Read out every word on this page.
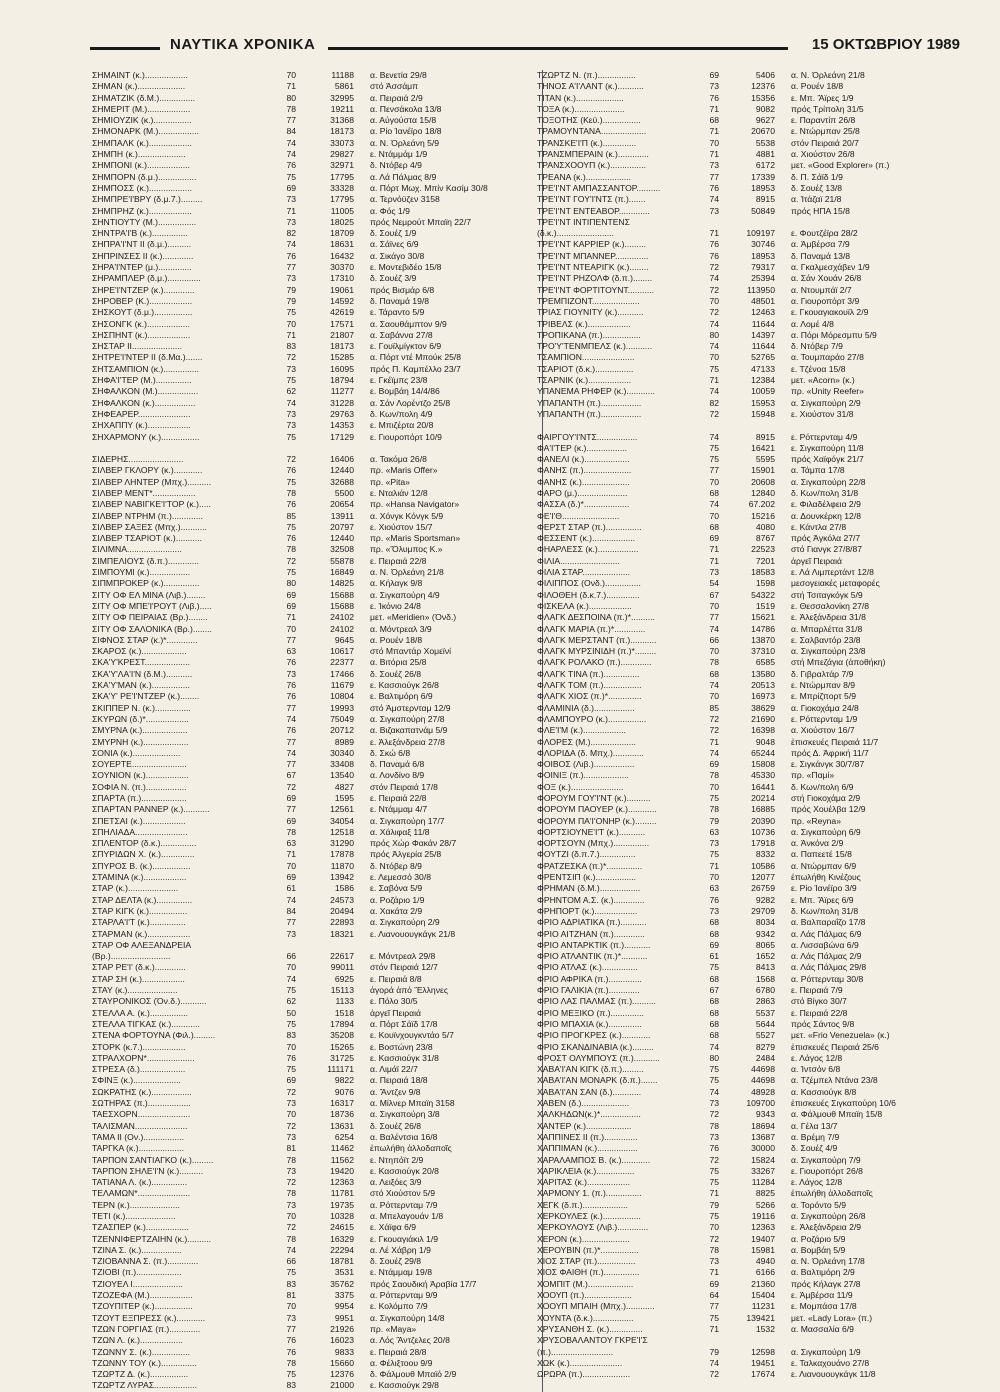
ΝΑΥΤΙΚΑ ΧΡΟΝΙΚΑ	15 ΟΚΤΩΒΡΙΟΥ 1989
ΣΗΜΑΙΝΤ (κ.)..................	70	11188	α. Βενετία 29/8
ΣΗΜΑΝ (κ.)....................	71	5861	στό Ἀσσάμπ
ΣΗΜΑΤΖΙΚ (δ.Μ.)...............	80	32995	α. Πειραιά 2/9
ΣΗΜΕΡΙΤ (Μ.)..................	78	19211	α. Πενσάκολα 13/8
ΣΗΜΙΟΥΖΙΚ (κ.)................	77	31368	α. Αὐγούστα 15/8
ΣΗΜΟΝΑΡΚ (Μ.).................	84	18173	α. Ρίο Ἰανέϊρο 18/8
ΣΗΜΠΑΛΚ (κ.)..................	74	33073	α. Ν. Ὀρλεάνη 5/9
ΣΗΜΠΗ (κ.)....................	74	29827	ε. Ντάμμάμ 1/9
ΣΗΜΠΟΝΙ (κ.)..................	76	32971	δ. Ντόβερ 4/9
ΣΗΜΠΟΡΝ (δ.μ.)................	75	17795	α. Λά Πάλμας 8/9
ΣΗΜΠΟΣΣ (κ.)..................	69	33328	α. Πόρτ Μωχ. Μπίν Κασίμ 30/8
ΣΗΜΠΡΕ'Ι'ΒΡΥ (δ.μ.7.).........	73	17795	α. Τερνόϋζεν 3158
ΣΗΜΠΡΗΖ (κ.)..................	71	11005	α. Φός 1/9
ΣΗΝΤΙΟΥΤΥ (Μ.)................	73	18025	πρός Νεμρούτ Μπαϊη 22/7
ΣΗΝΤΡΑ'Ι'Β (κ.)...............	82	18709	δ. Σουέζ 1/9
ΣΗΠΡΑ'Ι'ΝΤ ΙΙ (δ.μ.)..........	74	18631	α. Σάϊνες 6/9
ΣΗΠΡΙΝΣΕΣ ΙΙ (κ.).............	76	16432	α. Σικάγο 30/8
ΣΗΡΑ'Ι'ΝΤΕΡ (μ.)..............	77	30370	ε. Μοντεβιδέο 15/8
ΣΗΡΑΜΠΛΕΡ (δ.μ.)..............	73	17310	δ. Σουέζ 3/9
ΣΗΡΕ'Ι'ΝΤΖΕΡ (κ.).............	79	19061	πρός Βισμάρ 6/8
ΣΗΡΟΒΕΡ (Κ.)..................	79	14592	δ. Παναμά 19/8
ΣΗΣΚΟΥΤ (δ.μ.)................	75	42619	ε. Τάραντο 5/9
ΣΗΣΟΝΓΚ (κ.)..................	70	17571	α. Σαουθάμπτον 9/9
ΣΗΣΠΗΝΤ (κ.)..................	71	21807	α. Σαβάννα 27/8
ΣΗΣΤΑΡ ΙΙ.....................	83	18173	ε. Γουϊλμίγκτον 6/9
ΣΗΤΡΕ'Ι'ΝΤΕΡ ΙΙ (δ.Μα.).......	72	15285	α. Πόρτ ντέ Μπούκ 25/8
ΣΗΤΣΑΜΠΙΟΝ (κ.)...............	73	16095	πρός Π. Καμπέλλο 23/7
ΣΗΦΑ'Ι'ΤΕΡ (Μ.)...............	75	18794	ε. Γκέϊμπς 23/8
ΣΗΦΑΛΚΟΝ (Μ.).................	62	11277	ε. Βομβάη 14/4/86
ΣΗΦΑΛΚΟΝ (κ.).................	74	31228	α. Σάν Λορέντζο 25/8
ΣΗΦΕΑΡΕΡ......................	73	29763	δ. Κων/πολη 4/9
ΣΗΧΑΠΠΥ (κ.)..................	73	14353	ε. Μπιζέρτα 20/8
ΣΗΧΑΡΜΟΝΥ (κ.)................	75	17129	ε. Γιουροπόρτ 10/9
ΣΙΔΕΡΗΣ.......................	72	16406	α. Τακόμα 26/8
ΣΙΛΒΕΡ ΓΚΛΟΡΥ (κ.)............	76	12440	πρ. «Maris Offer»
ΣΙΛΒΕΡ ΛΗΝΤΕΡ (Μπχ.)..........	75	32688	πρ. «Pita»
ΣΙΛΒΕΡ ΜΕΝΤ*..................	78	5500	ε. Νταλιάν 12/8
ΣΙΛΒΕΡ ΝΑΒΙΓΚΕ'Ι'ΤΟΡ (κ.).....	76	20654	πρ. «Hansa Navigator»
ΣΙΛΒΕΡ ΝΤΡΗΜ (π.).............	85	13911	α. Χόνγκ Κόνγκ 5/9
ΣΙΛΒΕΡ ΣΑΞΕΣ (Μπχ.)...........	75	20797	ε. Χιούστον 15/7
ΣΙΛΒΕΡ ΤΣΑΡΙΟΤ (κ.)...........	76	12440	πρ. «Maris Sportsman»
ΣΙΛΙΜΝΑ.......................	78	32508	πρ. «Ὄλυμπος Κ.»
ΣΙΜΠΕΛΙΟΥΣ (δ.π.).............	72	55878	ε. Πειραιά 22/8
ΣΙΜΠΟΥΜΙ (κ.).................	75	16849	α. Ν. Ὀρλεάνη 21/8
ΣΙΠΜΠΡΟΚΕΡ (κ.)...............	80	14825	α. Κήλαγκ 9/8
ΣΙΤΥ ΟΦ ΕΛ ΜΙΝΑ (Λιβ.)........	69	15688	α. Σιγκαπούρη 4/9
ΣΙΤΥ ΟΦ ΜΠΕ'Ι'ΡΟΥΤ (Λιβ.).....	69	15688	ε. Ἰκόνιο 24/8
ΣΙΤΥ ΟΦ ΠΕΙΡΑΙΑΣ (Βρ.)........	71	24102	μετ. «Meridien» (Ὀνδ.)
ΣΙΤΥ ΟΦ ΣΑΛΟΝΙΚΑ (Βρ.)........	70	24102	α. Μόντρεαλ 3/9
ΣΙΦΝΟΣ ΣΤΑΡ (κ.)*.............	77	9645	α. Ρουέν 18/8
ΣΚΑΡΟΣ (κ.)...................	63	10617	στό Μπαντάρ Χομεϊνί
ΣΚΑ'Υ'ΚΡΕΣΤ...................	76	22377	α. Βιτόρια 25/8
ΣΚΑ'Υ'ΛΑ'Ι'Ν (δ.Μ.)...........	73	17466	δ. Σουέζ 26/8
ΣΚΑ'Υ'ΜΑΝ (κ.)................	76	11679	ε. Κασσιούγκ 26/8
ΣΚΑ'Υ' ΡΕ'Ι'ΝΤΖΕΡ (κ.)........	76	10804	ε. Βαλτιμόρη 6/9
ΣΚΙΠΠΕΡ Ν. (κ.)...............	77	19993	στό Ἀμστερνταμ 12/9
ΣΚΥΡΩΝ (δ.)*..................	74	75049	α. Σιγκαπούρη 27/8
ΣΜΥΡΝΑ (κ.)...................	76	20712	α. Βιζακαπατνάμ 5/9
ΣΜΥΡΝΗ (κ.)...................	77	8989	ε. Ἀλεξάνδρεια 27/8
ΣΟΝΙΑ (κ.)....................	74	30340	δ. Σκώ 6/8
ΣΟΥΕΡΤΕ.......................	77	33408	δ. Παναμά 6/8
ΣΟΥΝΙΟΝ (κ.)..................	67	13540	α. Λονδίνο 8/9
ΣΟΦΙΑ Ν. (π.).................	72	4827	στόν Πειραιά 17/8
ΣΠΑΡΤΑ (π.)...................	69	1595	ε. Πειραιά 22/8
ΣΠΑΡΤΑΝ ΡΑΝΝΕΡ (κ.)...........	77	12561	ε. Ντάμμαμ 4/7
ΣΠΕΤΣΑΙ (κ.)..................	69	34054	α. Σιγκαπούρη 17/7
ΣΠΗΛΙΑΔΑ......................	78	12518	α. Χάλιφαξ 11/8
ΣΠΛΕΝΤΟΡ (δ.κ.)...............	63	31290	πρός Χώρ Φακάν 28/7
ΣΠΥΡΙΔΩΝ Χ. (κ.)..............	71	17878	πρός Ἀλγερία 25/8
ΣΠΥΡΟΣ Β. (κ.)................	70	11870	δ. Ντόβερ 8/9
ΣΤΑΜΙΝΑ (κ.)..................	69	13942	ε. Λεμεσσό 30/8
ΣΤΑΡ (κ.).....................	61	1586	ε. Σαβόνα 5/9
ΣΤΑΡ ΔΕΛΤΑ (κ.)...............	74	24573	α. Ροζάριο 1/9
ΣΤΑΡ ΚΙΓΚ (κ.)................	84	20494	α. Χακάτα 2/9
ΣΤΑΡΛΑ'Ι'Τ (κ.)...............	77	22893	α. Σιγκαπούρη 2/9
ΣΤΑΡΜΑΝ (κ.)..................	73	18321	ε. Λιανουουγκάγκ 21/8
ΣΤΑΡ ΟΦ ΑΛΕΞΑΝΔΡΕΙΑ
(Βρ.).........................	66	22617	ε. Μόντρεαλ 29/8
ΣΤΑΡ ΡΕ'Ι' (δ.κ.).............	70	99011	στόν Πειραιά 12/7
ΣΤΑΡ ΣΗ (κ.)..................	74	6925	ε. Πειραιά 8/8
ΣΤΑΥ (κ.).....................	75	15113	ἀγορά ἀπό Ἕλληνες
ΣΤΑΥΡΟΝΙΚΟΣ (Ὀν.δ.)...........	62	1133	ε. Πόλο 30/5
ΣΤΕΛΛΑ Α. (κ.)................	50	1518	ἀργεῖ Πειραιά
ΣΤΕΛΛΑ ΤΙΓΚΑΣ (κ.)............	75	17894	α. Πόρτ Σάϊδ 17/8
ΣΤΕΝΑ ΦΟΡΤΟΥΝΑ (Φιλ.).........	83	35208	ε. Κουϊνχουγκντάο 5/7
ΣΤΟΡΚ (κ.7.)..................	70	15265	ε. Βοστώνη 23/8
ΣΤΡΑΛΧΟΡΝ*....................	76	31725	ε. Κασσιούγκ 31/8
ΣΤΡΕΣΑ (δ.)...................	75	111171	α. Λιμάϊ 22/7
ΣΦΙΝΞ (κ.)....................	69	9822	α. Πειραιά 18/8
ΣΩΚΡΑΤΗΣ (κ.).................	72	9076	α. Ἄντζεν 9/8
ΣΩΤΗΡΑΣ (π.)..................	73	16317	α. Μίλνερ Μπαϊη 3158
ΤΑΕΣΧΟΡΝ......................	70	18736	α. Σιγκαπούρη 3/8
ΤΑΛΙΣΜΑΝ......................	72	13631	δ. Σουέζ 26/8
ΤΑΜΑ ΙΙ (Ον.).................	73	6254	α. Βαλέντσια 16/8
ΤΑΡΓΚΑ (κ.)...................	81	11462	ἐπωλήθη ἀλλοδαποῖς
ΤΑΡΠΟΝ ΣΑΝΤΙΑΓΚΟ (κ.).........	78	11562	ε. Ντηπόϊτ 2/9
ΤΑΡΠΟΝ ΣΗΛΕ'Ι'Ν (κ.)..........	73	19420	ε. Κασσιούγκ 20/8
ΤΑΤΙΑΝΑ Λ. (κ.)...............	72	12363	α. Λειξόες 3/9
ΤΕΛΑΜΩΝ*......................	78	11781	στό Χιούστον 5/9
ΤΕΡΝ (κ.).....................	73	19735	α. Ρόττερνταμ 7/9
ΤΕΤΙ (κ.).....................	70	10328	α. Μπελαγουάν 1/8
ΤΖΑΣΠΕΡ (κ.)..................	72	24615	ε. Χάϊφα 6/9
ΤΖΕΝΝΙΦΕΡΤΖΑΙΗΝ (κ.)..........	78	16329	ε. Γκουαγιάκιλ 1/9
ΤΖΙΝΑ Σ. (κ.).................	74	22294	α. Λέ Χάβρη 1/9
ΤΖΙΟΒΑΝΝΑ Σ. (π.).............	66	18781	δ. Σουέζ 29/8
ΤΖΙΟΒΙ (π.)...................	75	3531	ε. Ντάμμαμ 19/8
ΤΖΙΟΥΕΛ Ι.....................	83	35762	πρός Σαουδική Ἀραβία 17/7
ΤΖΟΖΕΦΑ (Μ.)..................	81	3375	α. Ρόττερνταμ 9/9
ΤΖΟΥΠΙΤΕΡ (κ.)................	70	9954	ε. Κολόμπο 7/9
ΤΖΟΥΤ ΕΞΠΡΕΣΣ (κ.)............	73	9951	α. Σιγκαπούρη 14/8
ΤΖΩΝ ΓΟΡΓΙΑΣ (π.).............	77	21926	πρ. «Maya»
ΤΖΩΝ Λ. (κ.)..................	76	16023	α. Λός Ἄντζελες 20/8
ΤΖΩΝΝΥ Σ. (κ.)................	76	9833	ε. Πειραιά 28/8
ΤΖΩΝΝΥ ΤΟΥ (κ.)...............	78	15660	α. Φέλιξτοου 9/9
ΤΖΩΡΤΖ Δ. (κ.)................	75	12376	δ. Φάλμουθ Μπαϊό 2/9
ΤΖΩΡΤΖ ΛΥΡΑΣ..................	83	21000	ε. Κασσιούγκ 29/8
ΤΖΩΡΤΖ Ν. (π.)................	69	5406	α. Ν. Ὀρλεάνη 21/8
ΤΗΝΟΣ Α'Ι'ΛΑΝΤ (κ.)...........	73	12376	α. Ρουέν 18/8
ΤΙΤΑΝ (κ.)....................	76	15356	ε. Μπ. Ἄϊρες 1/9
ΤΟΞΑ (κ.).....................	71	9082	πρός Τρίπολη 31/5
ΤΟΞΟΤΗΣ (Κεϋ.)................	68	9627	ε. Παραντίπ 26/8
ΤΡΑΜΟΥΝΤΑΝΑ...................	71	20670	ε. Ντώρμπαν 25/8
ΤΡΑΝΣΚΕ'Ι'Π (κ.)..............	70	5538	στόν Πειραιά 20/7
ΤΡΑΝΣΜΠΕΡΑΙΝ (κ.).............	71	4881	α. Χιούστον 26/8
ΤΡΑΝΣΧΟΟΥΠ (κ.)...............	73	6172	μετ. «Good Explorer» (π.)
ΤΡΕΑΝΑ (κ.)...................	77	17339	δ. Π. Σάϊδ 1/9
ΤΡΕ'Ι'ΝΤ ΑΜΠΑΣΣΑΝΤΟΡ..........	76	18953	δ. Σουέζ 13/8
ΤΡΕ'Ι'ΝΤ ΓΟΥ'Ι'ΝΤΣ (π.).......	74	8915	α. Ἰτάζαϊ 21/8
ΤΡΕ'Ι'ΝΤ ΕΝΤΕΑΒΟΡ.............	73	50849	πρός ΗΠΑ 15/8
ΤΡΕ'Ι'ΝΤ ΙΝΤΙΠΕΝΤΕΝΣ
(δ.κ.)........................	71	109197	ε. Φουτζέϊρα 28/2
ΤΡΕ'Ι'ΝΤ ΚΑΡΡΙΕΡ (κ.).........	76	30746	α. Ἀμβέρσα 7/9
ΤΡΕ'Ι'ΝΤ ΜΠΑΝΝΕΡ..............	76	18953	δ. Παναμά 13/8
ΤΡΕ'Ι'ΝΤ ΝΤΕΑΡΙΓΚ (κ.)........	72	79317	α. Γκαλμεσχάβεν 1/9
ΤΡΕ'Ι'ΝΤ ΡΗΖΟΛΦ (δ.π.)........	74	25394	α. Σάν Χουάν 26/8
ΤΡΕ'Ι'ΝΤ ΦΟΡΤΙΤΟΥΝΤ...........	72	113950	α. Ντουμπάϊ 2/7
ΤΡΕΜΠΙΖΟΝΤ....................	70	48501	α. Γιουροπόρτ 3/9
ΤΡΙΑΣ ΓΙΟΥΝΙΤΥ (κ.)...........	72	12463	ε. Γκουαγιακουϊλ 2/9
ΤΡΙΒΕΛΣ (κ.)..................	74	11644	α. Λομέ 4/8
ΤΡΟΠΙΚΑΝΑ (π.)................	80	14397	α. Πόρι Μόρεσμπυ 5/9
ΤΡΟ'Υ'ΤΕΝΜΠΕΛΣ (κ.)...........	74	11644	δ. Ντόβερ 7/9
ΤΣΑΜΠΙΟΝ......................	70	52765	α. Τουμπαράο 27/8
ΤΣΑΡΙΟΤ (δ.κ.)................	75	47133	ε. Τζένοα 15/8
ΤΣΑΡΝΙΚ (κ.)..................	71	12384	μετ. «Αcorn» (κ.)
ΥΠΑΝΕΜΑ ΡΗΦΕΡ (κ.)............	74	10059	πρ. «Unity Reefer»
ΥΠΑΠΑΝΤΗ (π.).................	82	15953	α. Σιγκαπούρη 2/9
ΥΠΑΠΑΝΤΗ (π.).................	72	15948	ε. Χιούστον 31/8
ΦΑΙΡΓΟΥ'Ι'ΝΤΣ.................	74	8915	ε. Ρόττερνταμ 4/9
ΦΑ'Ι'ΤΕΡ (κ.).................	75	16421	ε. Σιγκαπούρη 11/8
ΦΑΝΕΛΙ (κ.)...................	75	5595	πρός Χαϊφόγκ 21/7
ΦΑΝΗΣ (π.)....................	77	15901	α. Τάμπα 17/8
ΦΑΝΗΣ (κ.)....................	70	20608	α. Σιγκαπούρη 22/8
ΦΑΡΟ (μ.).....................	68	12840	δ. Κων/πολη 31/8
ΦΑΣΣΑ (δ.)*...................	74	67.202	ε. Φιλαδέλφεια 2/9
ΦΕ'Ι'Θ........................	70	15216	α. Δουνκέρκη 12/8
ΦΕΡΣΤ ΣΤΑΡ (π.)...............	68	4080	ε. Κάντλα 27/8
ΦΕΣΣΕΝΤ (κ.)..................	69	8767	πρός Ἀγκόλα 27/7
ΦΗΑΡΛΕΣΣ (κ.).................	71	22523	στό Γιανγκ 27/8/87
ΦΙΛΙΑ.........................	71	7201	ἀργεῖ Πειραιά
ΦΙΛΙΑ ΣΤΑΡ....................	73	18583	ε. Λά Λιμπερτάντ 12/8
ΦΙΛΙΠΠΟΣ (Ονδ.)...............	54	1598	μεσογειακές μεταφορές
ΦΙΛΟΘΕΗ (δ.κ.7.)..............	67	54322	στή Τσιταγκόγκ 5/9
ΦΙΣΚΕΛΑ (κ.)..................	70	1519	ε. Θεσσαλονίκη 27/8
ΦΛΑΓΚ ΔΕΣΠΟΙΝΑ (π.)*..........	77	15621	ε. Ἀλεξάνδρεια 31/8
ΦΛΑΓΚ ΜΑΡΙΑ (π.)*.............	74	14786	α. Μπαρλέττα 31/8
ΦΛΑΓΚ ΜΕΡΣΤΑΝΤ (π.)...........	66	13870	ε. Σαλβαντόρ 23/8
ΦΛΑΓΚ ΜΥΡΣΙΝΙΔΗ (π.)*.........	70	37310	α. Σιγκαπούρη 23/8
ΦΛΑΓΚ ΡΟΛΑΚΟ (π.).............	78	6585	στή Μπεζάγια (ἀποθήκη)
ΦΛΑΓΚ ΤΙΝΑ (π.)...............	68	13580	δ. Γιβραλτάρ 7/9
ΦΛΑΓΚ ΤΟΜ (π.)................	74	20513	ε. Ντώρμπαν 8/9
ΦΛΑΓΚ ΧΙΟΣ (π.)*..............	70	16973	ε. Μπρίζπορτ 5/9
ΦΛΑΜΙΝΙΑ (δ.).................	85	38629	α. Γιοκοχάμα 24/8
ΦΛΑΜΠΟΥΡΟ (κ.)................	72	21690	ε. Ρόττερνταμ 1/9
ΦΛΕ'Ι'Μ (κ.)..................	72	16398	α. Χιούστον 16/7
ΦΛΟΡΕΣ (Μ.)...................	71	9048	ἐπισκευές Πειραιά 11/7
ΦΛΟΡΙΔΑ (δ. Μπχ.).............	74	65244	πρός Δ. Ἀφρική 11/7
ΦΟΙΒΟΣ (Λιβ.).................	69	15808	ε. Σιγκάνγκ 30/7/87
ΦΟΙΝΙΞ (π.)...................	78	45330	πρ. «Παμί»
ΦΟΞ (κ.)......................	70	16441	δ. Κων/πολη 6/9
ΦΟΡΟΥΜ ΓΟΥ'Ι'ΝΤ (κ.)..........	75	20214	στή Γιοκοχάμα 2/9
ΦΟΡΟΥΜ ΠΑΟΥΕΡ (κ.)............	78	16885	πρός Χουέλβα 12/9
ΦΟΡΟΥΜ ΠΑ'Ι'ΟΝΗΡ (κ.).........	79	20390	πρ. «Reyna»
ΦΟΡΤΣΙΟΥΝΕ'Ι'Τ (κ.)...........	63	10736	α. Σιγκαπούρη 6/9
ΦΟΡΤΣΟΥΝ (Μπχ.)...............	73	17918	α. Ἀνκόνα 2/9
ΦΟΥΤΖΙ (δ.π.7.)...............	75	8332	α. Παπεετέ 15/8
ΦΡΑΤΖΕΣΚΑ (π.)*...............	71	10586	α. Ντώρμπαν 6/9
ΦΡΕΝΤΣΙΠ (κ.).................	70	12077	ἐπωλήθη Κινέζους
ΦΡΗΜΑΝ (δ.Μ.).................	63	26759	ε. Ρίο Ἰανέϊρο 3/9
ΦΡΗΝΤΟΜ Α.Σ. (κ.).............	76	9282	ε. Μπ. Ἄϊρες 6/9
ΦΡΗΠΟΡΤ (κ.)..................	73	29709	δ. Κων/πολη 31/8
ΦΡΙΟ ΑΔΡΙΑΤΙΚΑ (π.)...........	68	8034	α. Βαλπαραΐζο 17/8
ΦΡΙΟ ΑΙΤΖΗΑΝ (π.).............	68	9342	α. Λάς Πάλμας 6/9
ΦΡΙΟ ΑΝΤΑΡΚΤΙΚ (π.)...........	69	8065	α. Λισσαβώνα 6/9
ΦΡΙΟ ΑΤΛΑΝΤΙΚ (π.)*...........	61	1652	α. Λάς Πάλμας 2/9
ΦΡΙΟ ΑΤΛΑΣ (κ.)...............	75	8413	α. Λάς Πάλμας 29/8
ΦΡΙΟ ΑΦΡΙΚΑ (π.)..............	68	1568	α. Ρόττερνταμ 30/8
ΦΡΙΟ ΓΑΛΙΚΙΑ (π.).............	67	6780	ε. Πειραιά 7/9
ΦΡΙΟ ΛΑΣ ΠΑΛΜΑΣ (π.)..........	68	2863	στό Βίγκο 30/7
ΦΡΙΟ ΜΕΞΙΚΟ (π.)..............	68	5537	ε. Πειραιά 22/8
ΦΡΙΟ ΜΠΑΧΙΑ (κ.)..............	68	5644	πρός Σάντος 9/8
ΦΡΙΟ ΠΡΟΓΚΡΕΣ (κ.)............	68	5527	μετ. «Frio Venezuela» (κ.)
ΦΡΙΟ ΣΚΑΝΔΙΝΑΒΙΑ (κ.).........	74	8279	ἐπισκευές Πειραιά 25/6
ΦΡΟΣΤ ΟΛΥΜΠΟΥΣ (π.)...........	80	2484	ε. Λάγος 12/8
ΧΑΒΑ'Ι'ΑΝ ΚΙΓΚ (δ.π.).........	75	44698	α. Ἰντσόν 6/8
ΧΑΒΑ'Ι'ΑΝ ΜΟΝΑΡΚ (δ.π.).......	75	44698	α. Τζέμπελ Ντάνα 23/8
ΧΑΒΑ'Ι'ΑΝ ΣΑΝ (δ.)............	74	48928	α. Κασσιούγκ 8/8
ΧΑΒΕΝ (δ.)....................	73	109700	ἐπισκευές Σιγκαπούρη 10/6
ΧΑΛΚΗΔΩΝ(κ.)*.................	72	9343	α. Φάλμουθ Μπαϊη 15/8
ΧΑΝΤΕΡ (κ.)...................	78	18694	α. Γέλα 13/7
ΧΑΠΠΙΝΕΣ ΙΙ (π.)..............	73	13687	α. Βρέμη 7/9
ΧΑΠΠΙΜΑΝ (κ.).................	76	30000	δ. Σουέζ 4/9
ΧΑΡΑΛΑΜΠΟΣ Β. (κ.)............	72	15824	α. Σιγκαπούρη 7/9
ΧΑΡΙΚΛΕΙΑ (κ.)................	75	33267	ε. Γιουροπόρτ 26/8
ΧΑΡΙΤΑΣ (κ.)..................	75	11284	ε. Λάγος 12/8
ΧΑΡΜΟΝΥ 1. (π.)...............	71	8825	ἐπωλήθη ἀλλοδαποῖς
ΧΕΓΚ (δ.π.)...................	79	5266	α. Τορόντο 5/9
ΧΕΡΚΟΥΛΕΣ (κ.)................	75	19116	α. Σιγκαπούρη 26/8
ΧΕΡΚΟΥΛΟΥΣ (Λιβ.).............	70	12363	ε. Ἀλεξάνδρεια 2/9
ΧΕΡΟΝ (κ.)....................	72	19407	α. Ροζάριο 5/9
ΧΕΡΟΥΒΙΝ (π.)*................	78	15981	α. Βομβάη 5/9
ΧΙΟΣ ΣΤΑΡ (π.)................	73	4940	α. Ν. Ὀρλεάνη 17/8
ΧΙΟΣ ΦΑΙΘΗ (π.)...............	71	6166	α. Βαλτιμόρη 2/9
ΧΟΜΠΙΤ (Μ.)...................	69	21360	πρός Κήλαγκ 27/8
ΧΟΟΥΠ (π.)....................	64	15404	ε. Ἀμβέρσα 11/9
ΧΟΟΥΠ ΜΠΑΙΗ (Μπχ.)............	77	11231	ε. Μομπάσα 17/8
ΧΟΥΝΤΑ (δ.κ.).................	75	139421	μετ. «Lady Lora» (π.)
ΧΡΥΣΑΝΘΗ Σ. (κ.)..............	71	1532	α. Μασσαλία 6/9
ΧΡΥΣΟΒΑΛΑΝΤΟΥ ΓΚΡΕ'Ι'Σ
(π.)..........................	79	12598	α. Σιγκαπούρη 1/9
ΧΩΚ (κ.)......................	74	19451	ε. Ταλκαχουάνο 27/8
ΩΡΩΡΑ (π.)....................	72	17674	ε. Λιανουουγκάγκ 11/8
